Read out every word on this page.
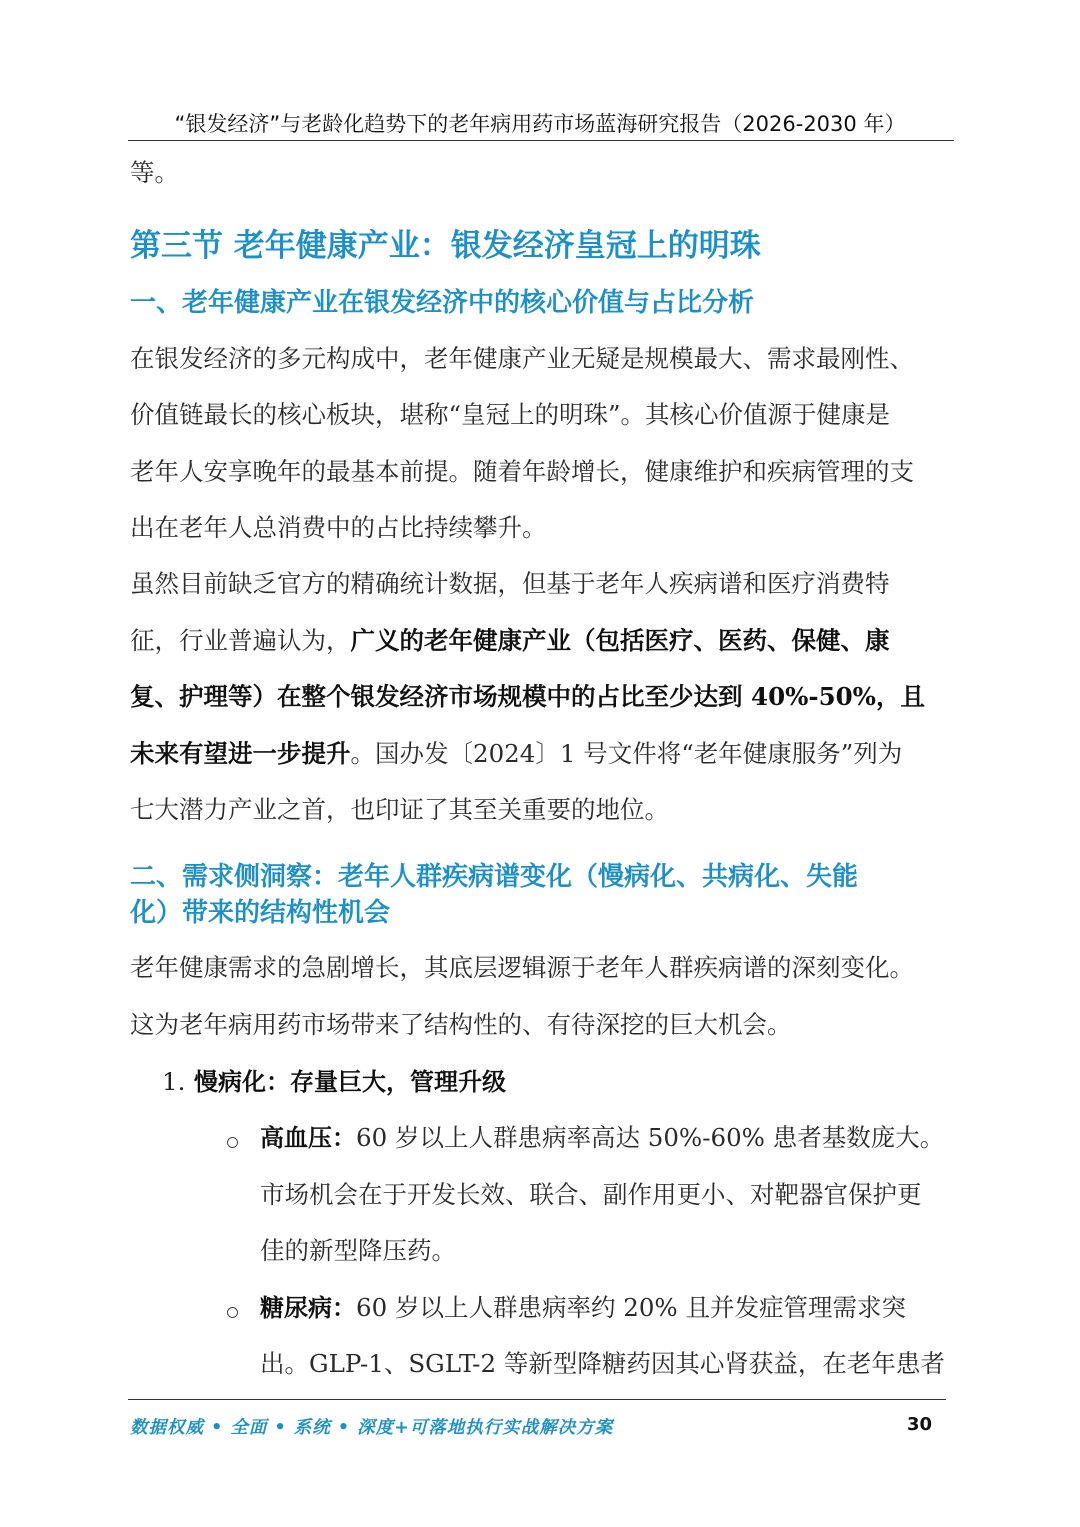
“银发经济”与老龄化趋势下的老年病用药市场蓝海研究报告（2026-2030 年）
等。
第三节 老年健康产业：银发经济皇冠上的明珠
一、老年健康产业在银发经济中的核心价值与占比分析
在银发经济的多元构成中，老年健康产业无疑是规模最大、需求最刚性、
价值链最长的核心板块，堪称“皇冠上的明珠”。其核心价值源于健康是
老年人安享晚年的最基本前提。随着年龄增长，健康维护和疾病管理的支
出在老年人总消费中的占比持续攀升。
虽然目前缺乏官方的精确统计数据，但基于老年人疾病谱和医疗消费特
征，行业普遍认为，广义的老年健康产业（包括医疗、医药、保健、康
复、护理等）在整个银发经济市场规模中的占比至少达到 40%-50%，且
未来有望进一步提升。国办发〔2024〕1 号文件将“老年健康服务”列为
七大潜力产业之首，也印证了其至关重要的地位。
二、需求侧洞察：老年人群疾病谱变化（慢病化、共病化、失能
化）带来的结构性机会
老年健康需求的急剧增长，其底层逻辑源于老年人群疾病谱的深刻变化。
这为老年病用药市场带来了结构性的、有待深挖的巨大机会。
1. 慢病化：存量巨大，管理升级
高血压：60 岁以上人群患病率高达 50%-60% 患者基数庞大。
市场机会在于开发长效、联合、副作用更小、对靶器官保护更
佳的新型降压药。
糖尿病：60 岁以上人群患病率约 20% 且并发症管理需求突
出。GLP-1、SGLT-2 等新型降糖药因其心肾获益，在老年患者
数据权威 • 全面 • 系统 • 深度+可落地执行实战解决方案	30
